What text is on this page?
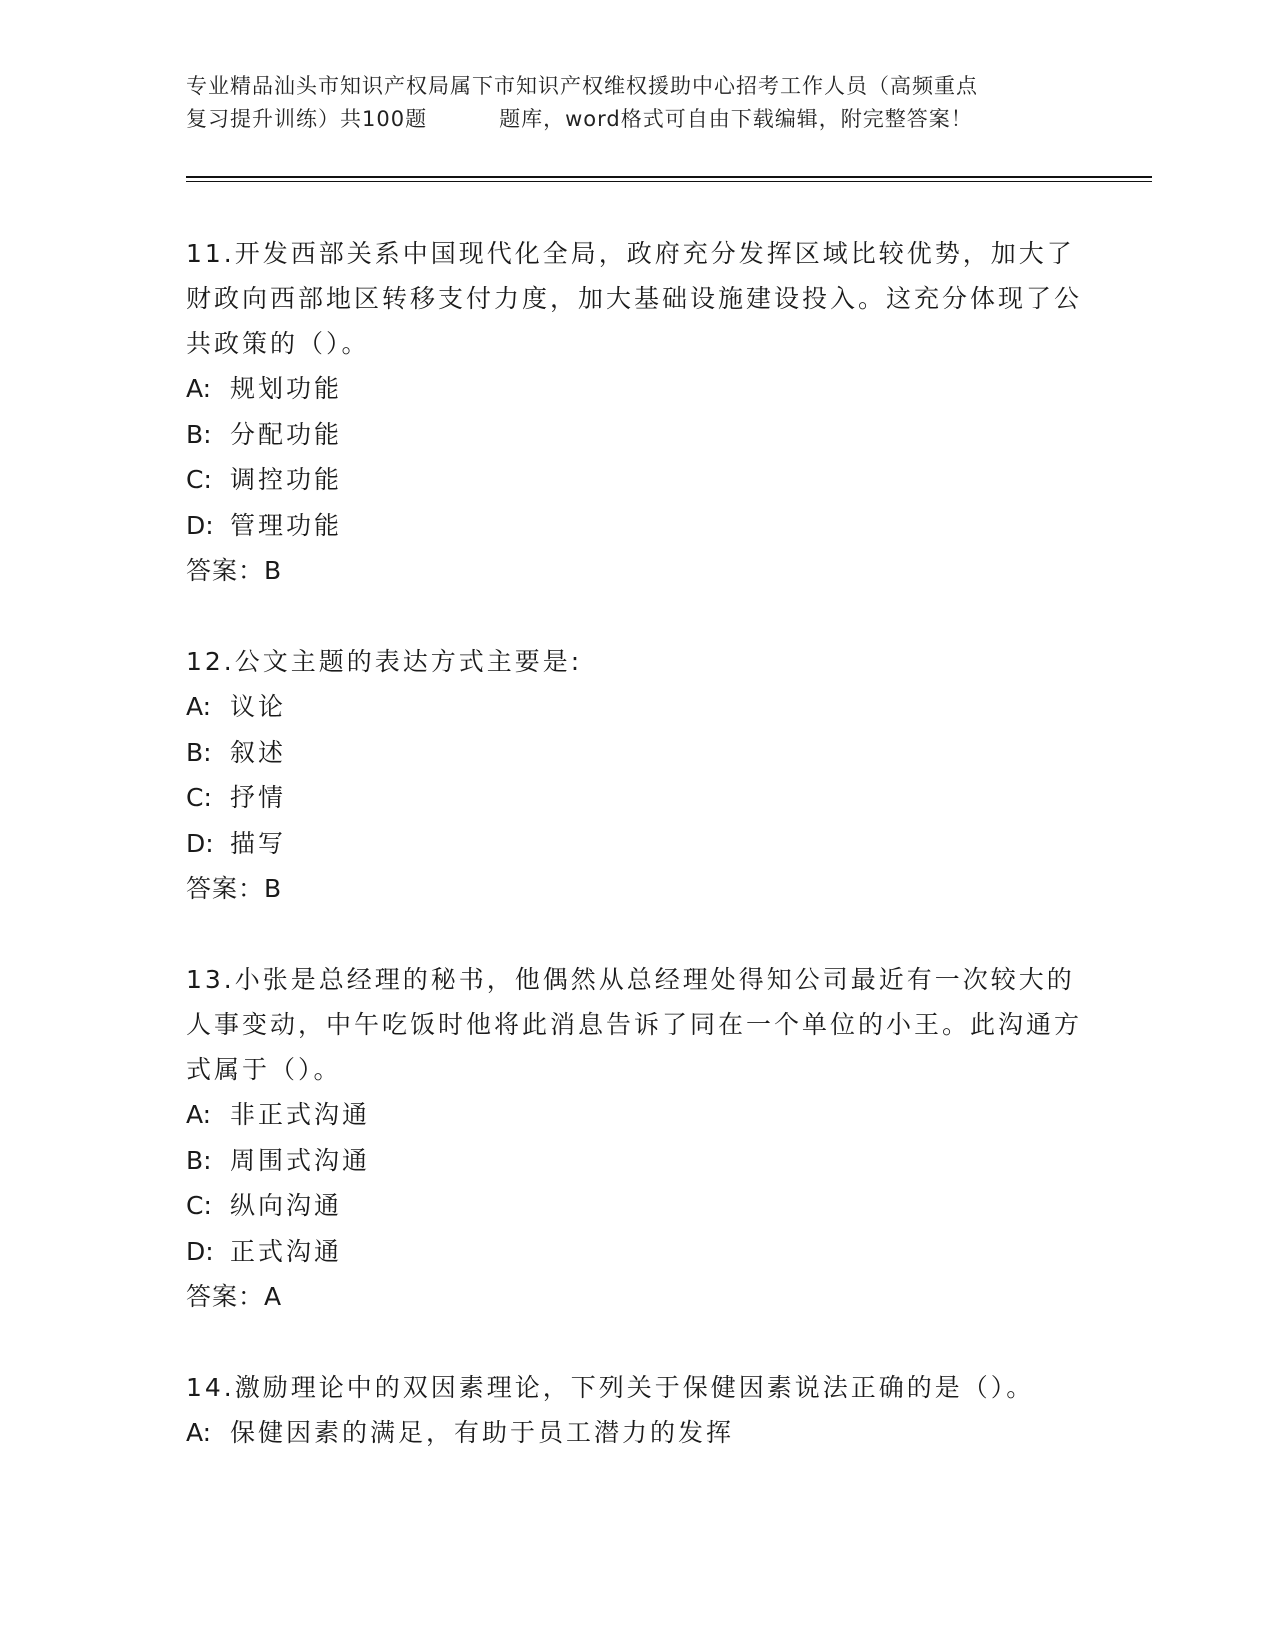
专业精品汕头市知识产权局属下市知识产权维权援助中心招考工作人员（高频重点
复习提升训练）共100题	题库，word格式可自由下载编辑，附完整答案！
11.开发西部关系中国现代化全局，政府充分发挥区域比较优势，加大了财政向西部地区转移支付力度，加大基础设施建设投入。这充分体现了公共政策的（）。
A: 规划功能
B: 分配功能
C: 调控功能
D: 管理功能
答案：B
12.公文主题的表达方式主要是:
A: 议论
B: 叙述
C: 抒情
D: 描写
答案：B
13.小张是总经理的秘书，他偶然从总经理处得知公司最近有一次较大的人事变动，中午吃饭时他将此消息告诉了同在一个单位的小王。此沟通方式属于（）。
A: 非正式沟通
B: 周围式沟通
C: 纵向沟通
D: 正式沟通
答案：A
14.激励理论中的双因素理论，下列关于保健因素说法正确的是（）。
A: 保健因素的满足，有助于员工潜力的发挥
